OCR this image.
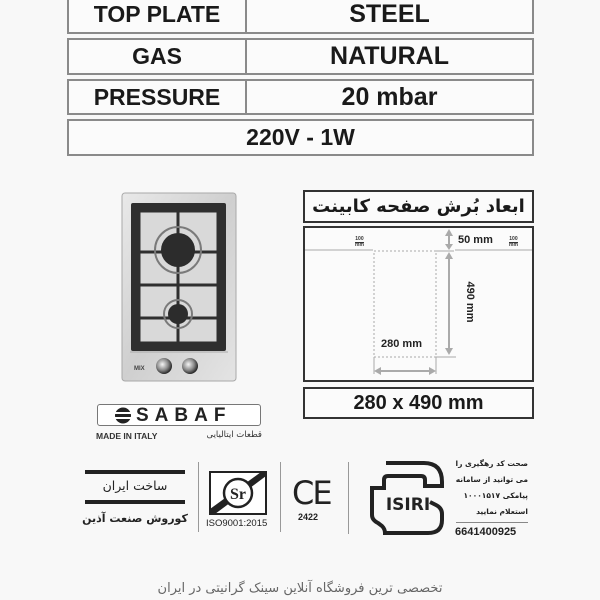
TOP PLATE	STEEL
GAS	NATURAL
PRESSURE	20 mbar
220V - 1W
MIX
ابعاد بُرش صفحه کابینت
100
mm
100
mm
50 mm
490 mm
280 mm
280 x 490 mm
SABAF
MADE IN ITALY	قطعات ایتالیایی
ساخت ایران
کوروش صنعت آذین
Sr
ISO9001:2015
CE
2422
ISIRI
صحت کد رهگیری را
می توانید از سامانه
پیامکی ۱۰۰۰۱۵۱۷
استعلام نمایید
6641400925
تخصصی ترین فروشگاه آنلاین سینک گرانیتی در ایران
